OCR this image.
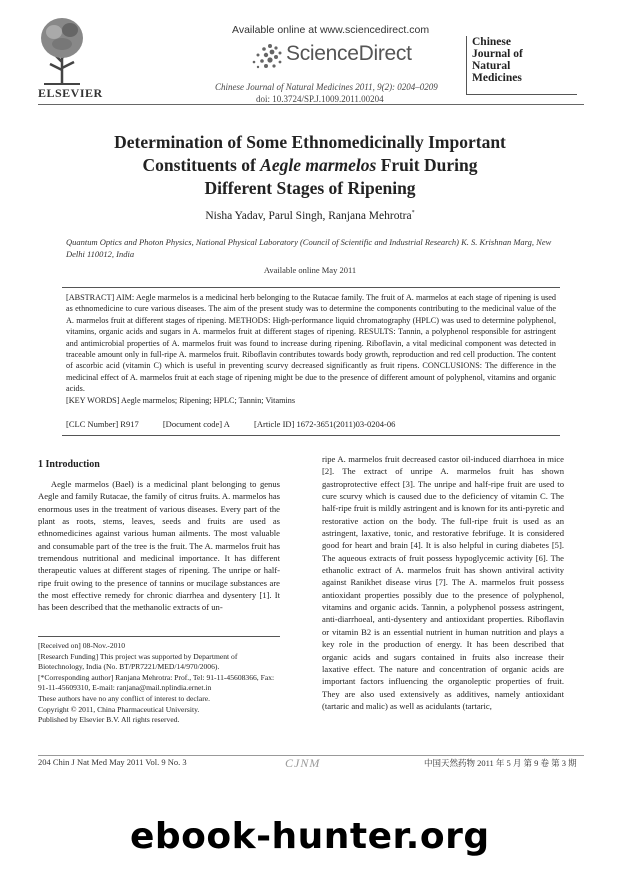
ELSEVIER
Available online at www.sciencedirect.com
ScienceDirect
Chinese Journal of Natural Medicines 2011, 9(2): 0204–0209
doi: 10.3724/SP.J.1009.2011.00204
Chinese
Journal of
Natural
Medicines
Determination of Some Ethnomedicinally Important
Constituents of Aegle marmelos Fruit During
Different Stages of Ripening
Nisha Yadav, Parul Singh, Ranjana Mehrotra*
Quantum Optics and Photon Physics, National Physical Laboratory (Council of Scientific and Industrial Research) K. S. Krishnan Marg, New Delhi 110012, India
Available online May 2011
[ABSTRACT] AIM: Aegle marmelos is a medicinal herb belonging to the Rutacae family. The fruit of A. marmelos at each stage of ripening is used as ethnomedicine to cure various diseases. The aim of the present study was to determine the components contributing to the medicinal value of the A. marmelos fruit at different stages of ripening. METHODS: High-performance liquid chromatography (HPLC) was used to determine polyphenol, vitamins, organic acids and sugars in A. marmelos fruit at different stages of ripening. RESULTS: Tannin, a polyphenol responsible for astringent and antimicrobial properties of A. marmelos fruit was found to increase during ripening. Riboflavin, a vital medicinal component was detected in traceable amount only in full-ripe A. marmelos fruit. Riboflavin contributes towards body growth, reproduction and red cell production. The content of ascorbic acid (vitamin C) which is useful in preventing scurvy decreased significantly as fruit ripens. CONCLUSIONS: The difference in the medicinal effect of A. marmelos fruit at each stage of ripening might be due to the presence of different amount of polyphenol, vitamins and organic acids.
[KEY WORDS] Aegle marmelos; Ripening; HPLC; Tannin; Vitamins
[CLC Number] R917	[Document code] A	[Article ID] 1672-3651(2011)03-0204-06
1 Introduction

Aegle marmelos (Bael) is a medicinal plant belonging to genus Aegle and family Rutacae, the family of citrus fruits. A. marmelos has enormous uses in the treatment of various diseases. Every part of the plant as roots, stems, leaves, seeds and fruits are used as ethnomedicines against various human ailments. The most valuable and consumable part of the tree is the fruit. The A. marmelos fruit has tremendous nutritional and medicinal importance. It has different therapeutic values at different stages of ripening. The unripe or half-ripe fruit owing to the presence of tannins or mucilage substances are the most effective remedy for chronic diarrhea and dysentery [1]. It has been described that the methanolic extracts of un-

ripe A. marmelos fruit decreased castor oil-induced diarrhoea in mice [2]. The extract of unripe A. marmelos fruit has shown gastroprotective effect [3]. The unripe and half-ripe fruit are used to cure scurvy which is caused due to the deficiency of vitamin C. The half-ripe fruit is mildly astringent and is known for its anti-pyretic and restorative action on the body. The full-ripe fruit is used as an astringent, laxative, tonic, and restorative febrifuge. It is considered good for heart and brain [4]. It is also helpful in curing diabetes [5]. The aqueous extracts of fruit possess hypoglycemic activity [6]. The ethanolic extract of A. marmelos fruit has shown antiviral activity against Ranikhet disease virus [7]. The A. marmelos fruit possess antioxidant properties possibly due to the presence of polyphenol, vitamins and organic acids. Tannin, a polyphenol possess astringent, anti-diarrhoeal, anti-dysentery and antioxidant properties. Riboflavin or vitamin B2 is an essential nutrient in human nutrition and plays a key role in the production of energy. It has been described that organic acids and sugars contained in fruits also increase their laxative effect. The nature and concentration of organic acids are important factors influencing the organoleptic properties of fruit. They are also used extensively as additives, namely antioxidant (tartaric and malic) as well as acidulants (tartaric,

[Received on] 08-Nov.-2010

[Research Funding] This project was supported by Department of Biotechnology, India (No. BT/PR7221/MED/14/970/2006).

[*Corresponding author] Ranjana Mehrotra: Prof., Tel: 91-11-45608366, Fax: 91-11-45609310, E-mail: ranjana@mail.nplindia.ernet.in

These authors have no any conflict of interest to declare.

Copyright © 2011, China Pharmaceutical University.

Published by Elsevier B.V. All rights reserved.

204 Chin J Nat Med May 2011 Vol. 9 No. 3	CJNM	中国天然药物 2011 年 5 月 第 9 卷 第 3 期
ebook-hunter.org
